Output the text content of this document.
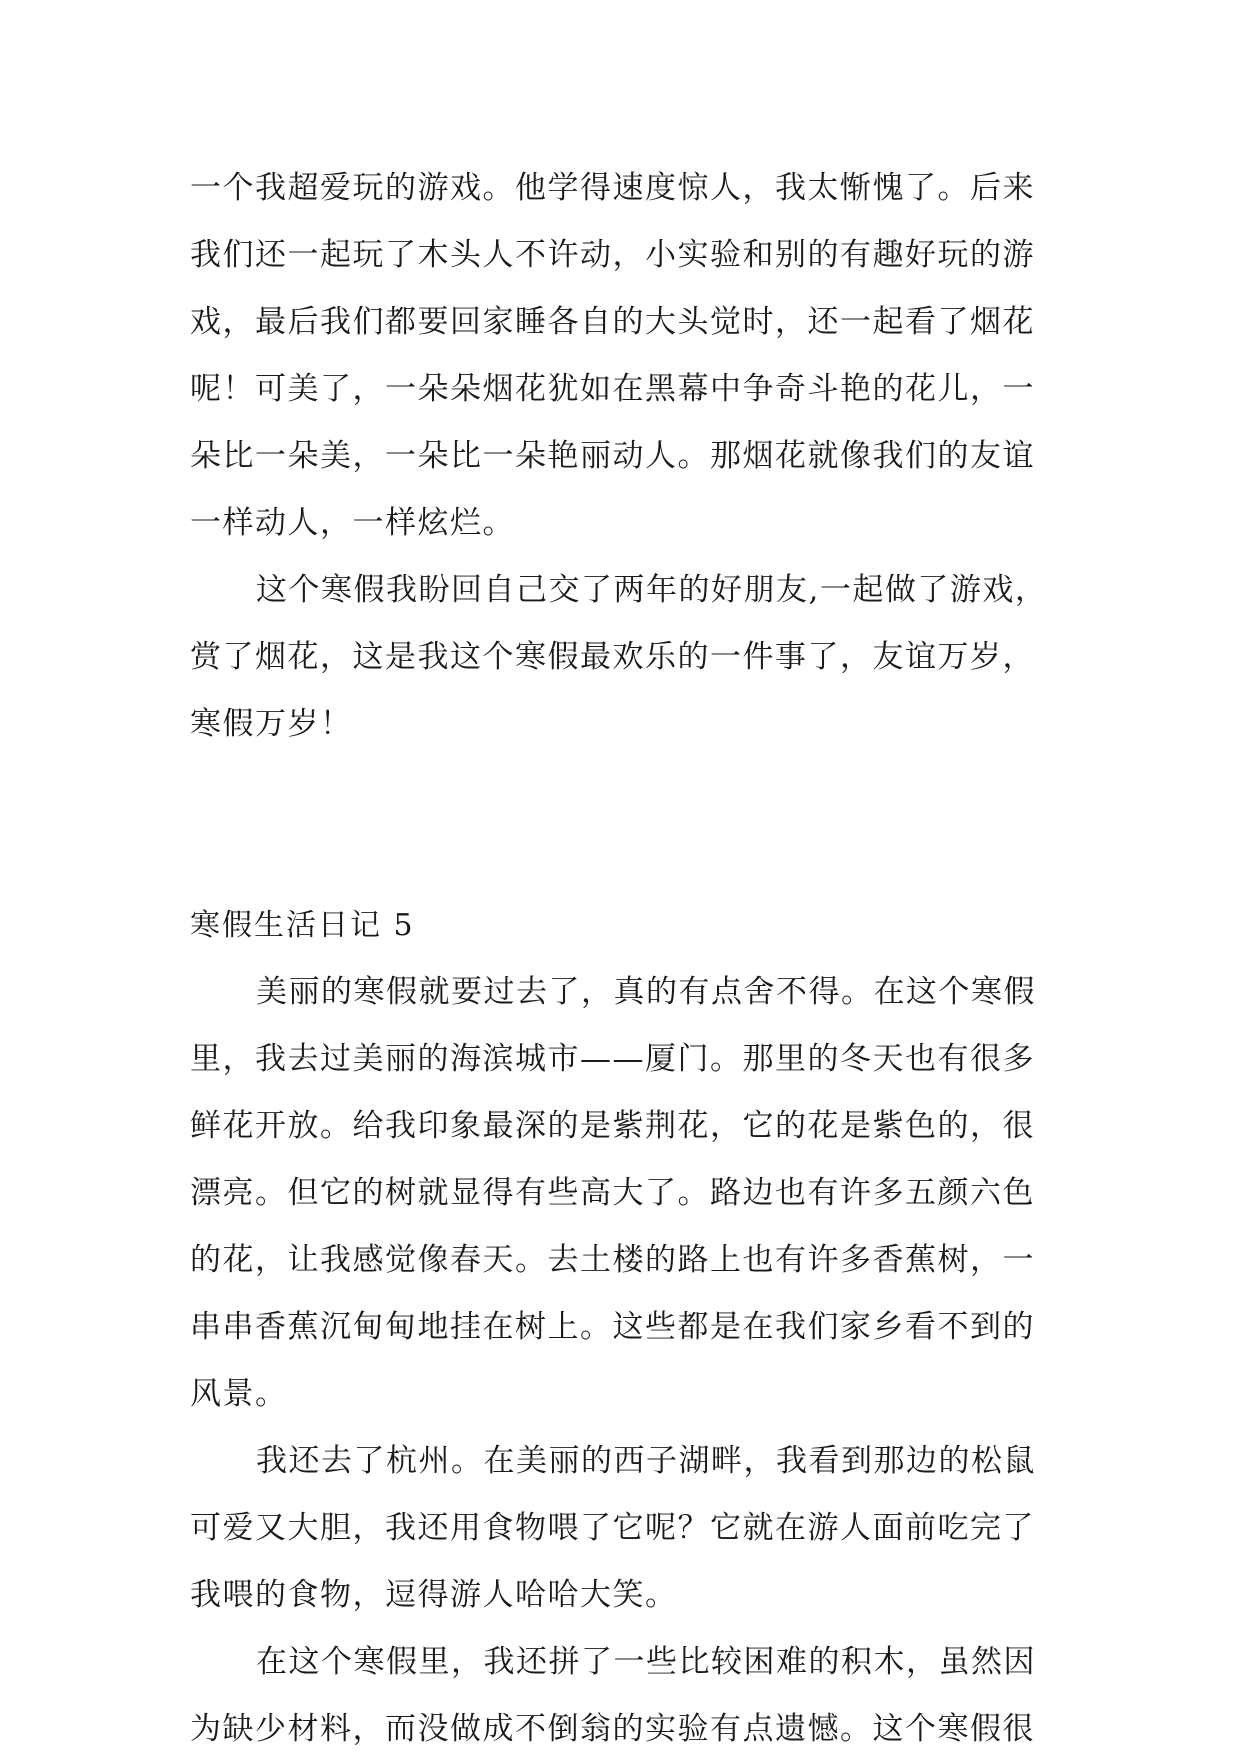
一个我超爱玩的游戏。他学得速度惊人，我太惭愧了。后来
我们还一起玩了木头人不许动，小实验和别的有趣好玩的游
戏，最后我们都要回家睡各自的大头觉时，还一起看了烟花
呢！可美了，一朵朵烟花犹如在黑幕中争奇斗艳的花儿，一
朵比一朵美，一朵比一朵艳丽动人。那烟花就像我们的友谊
一样动人，一样炫烂。
这个寒假我盼回自己交了两年的好朋友,一起做了游戏，
赏了烟花，这是我这个寒假最欢乐的一件事了，友谊万岁，
寒假万岁！
寒假生活日记 5
美丽的寒假就要过去了，真的有点舍不得。在这个寒假
里，我去过美丽的海滨城市——厦门。那里的冬天也有很多
鲜花开放。给我印象最深的是紫荆花，它的花是紫色的，很
漂亮。但它的树就显得有些高大了。路边也有许多五颜六色
的花，让我感觉像春天。去土楼的路上也有许多香蕉树，一
串串香蕉沉甸甸地挂在树上。这些都是在我们家乡看不到的
风景。
我还去了杭州。在美丽的西子湖畔，我看到那边的松鼠
可爱又大胆，我还用食物喂了它呢？它就在游人面前吃完了
我喂的食物，逗得游人哈哈大笑。
在这个寒假里，我还拼了一些比较困难的积木，虽然因
为缺少材料，而没做成不倒翁的实验有点遗憾。这个寒假很
